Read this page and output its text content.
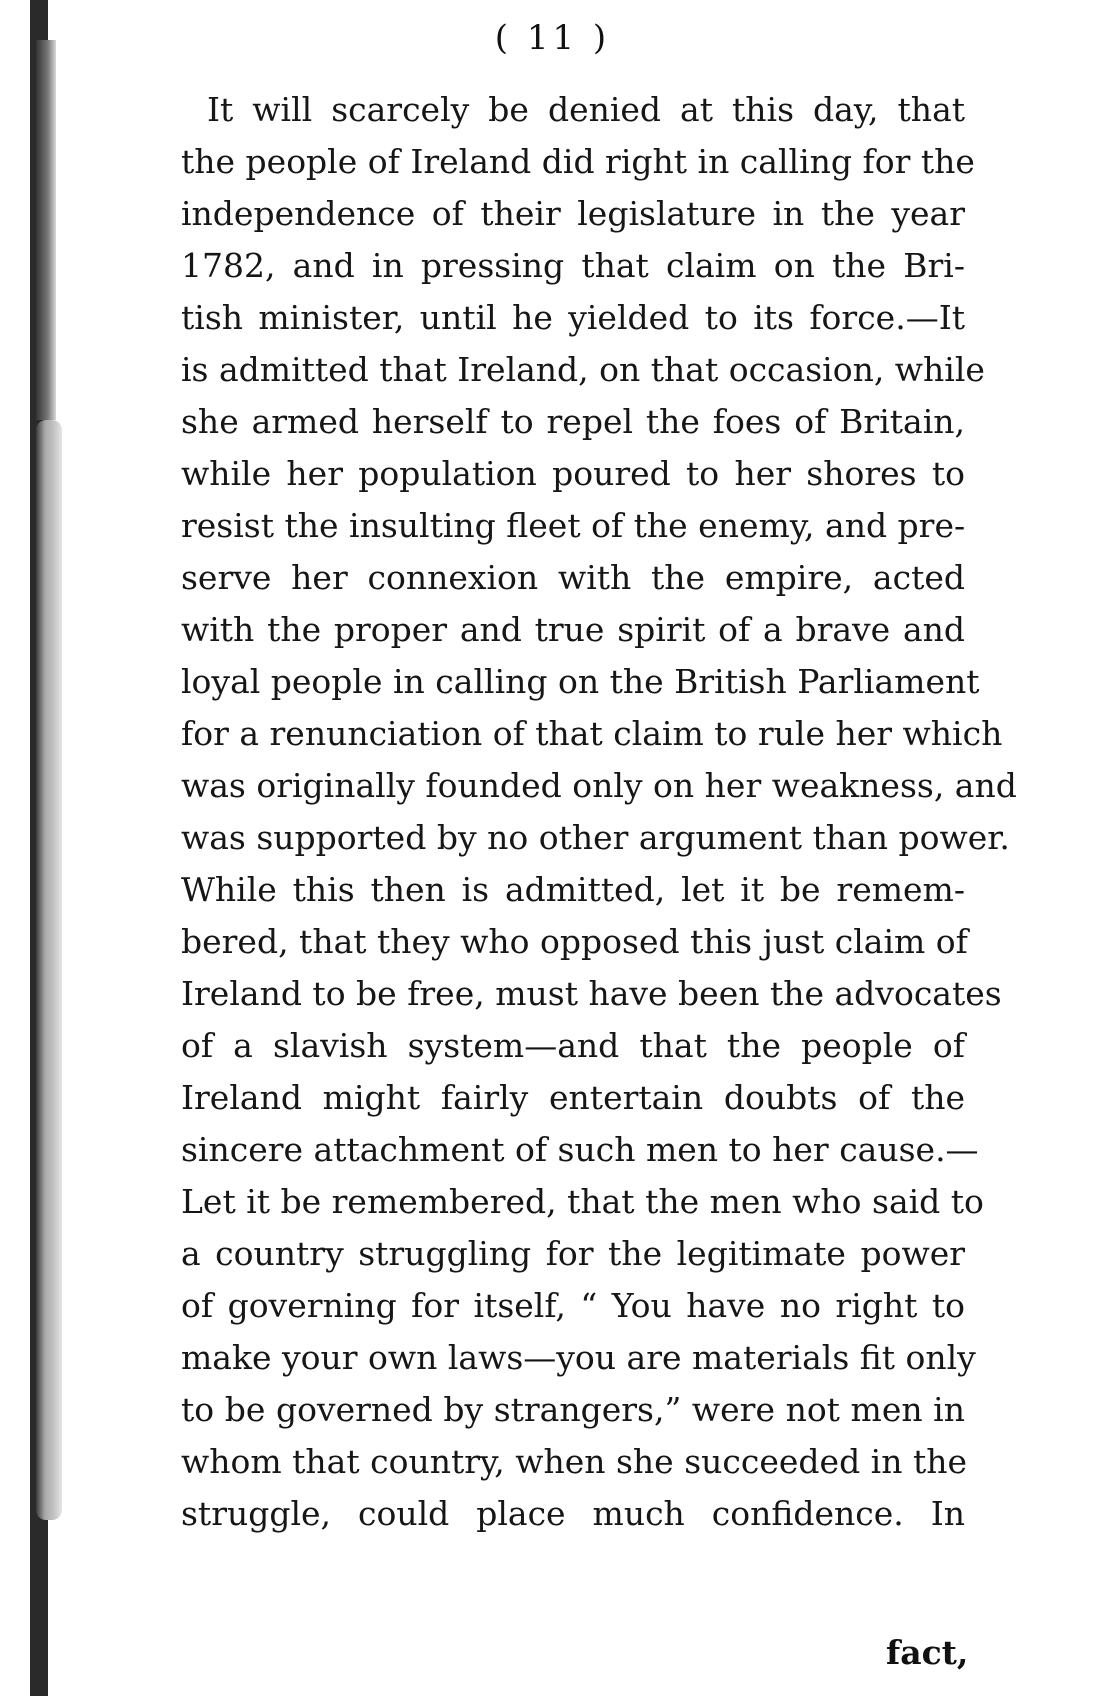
( 11 )
It will scarcely be denied at this day, that
the people of Ireland did right in calling for the
independence of their legislature in the year
1782, and in pressing that claim on the Bri-
tish minister, until he yielded to its force.—It
is admitted that Ireland, on that occasion, while
she armed herself to repel the foes of Britain,
while her population poured to her shores to
resist the insulting fleet of the enemy, and pre-
serve her connexion with the empire, acted
with the proper and true spirit of a brave and
loyal people in calling on the British Parliament
for a renunciation of that claim to rule her which
was originally founded only on her weakness, and
was supported by no other argument than power.
While this then is admitted, let it be remem-
bered, that they who opposed this just claim of
Ireland to be free, must have been the advocates
of a slavish system—and that the people of
Ireland might fairly entertain doubts of the
sincere attachment of such men to her cause.—
Let it be remembered, that the men who said to
a country struggling for the legitimate power
of governing for itself, “ You have no right to
make your own laws—you are materials fit only
to be governed by strangers,” were not men in
whom that country, when she succeeded in the
struggle, could place much confidence. In
fact,
